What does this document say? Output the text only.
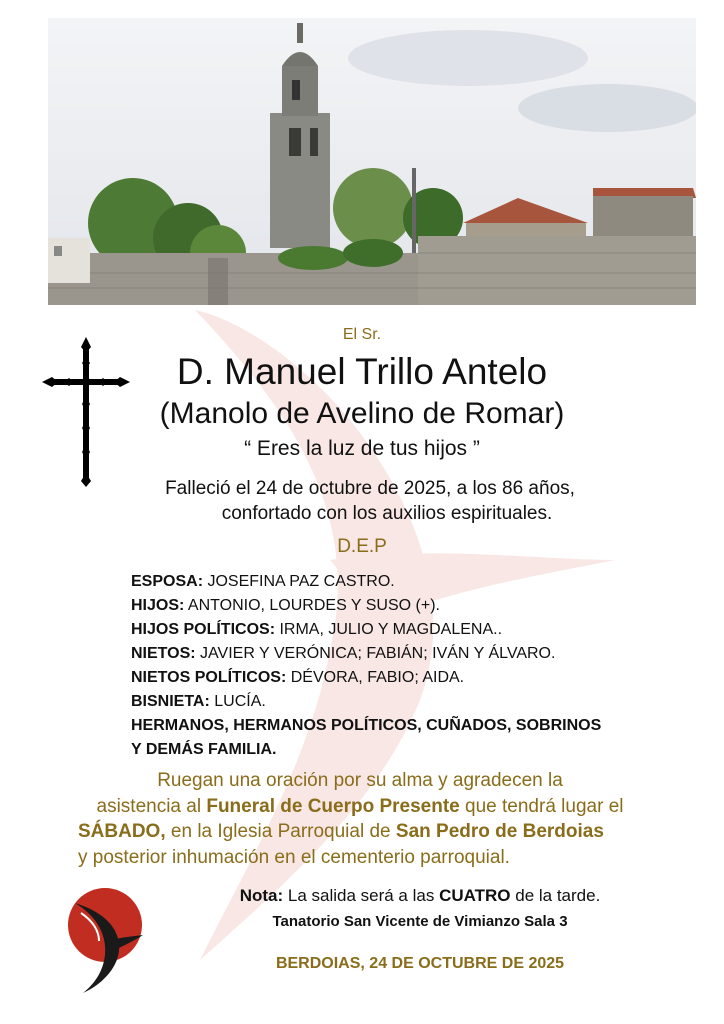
El Sr.
D. Manuel Trillo Antelo
(Manolo de Avelino de Romar)
“ Eres la luz de tus hijos ”
Falleció el 24 de octubre de 2025, a los 86 años,
confortado con los auxilios espirituales.
D.E.P
ESPOSA: JOSEFINA PAZ CASTRO.
HIJOS: ANTONIO, LOURDES Y SUSO (+).
HIJOS POLÍTICOS: IRMA, JULIO Y MAGDALENA..
NIETOS: JAVIER Y VERÓNICA; FABIÁN; IVÁN Y ÁLVARO.
NIETOS POLÍTICOS: DÉVORA, FABIO; AIDA.
BISNIETA: LUCÍA.
HERMANOS, HERMANOS POLÍTICOS, CUÑADOS, SOBRINOS
Y DEMÁS FAMILIA.
Ruegan una oración por su alma y agradecen la
asistencia al Funeral de Cuerpo Presente que tendrá lugar el
SÁBADO, en la Iglesia Parroquial de San Pedro de Berdoias
y posterior inhumación en el cementerio parroquial.
Nota: La salida será a las CUATRO de la tarde.
Tanatorio San Vicente de Vimianzo Sala 3
BERDOIAS, 24 DE OCTUBRE DE 2025
